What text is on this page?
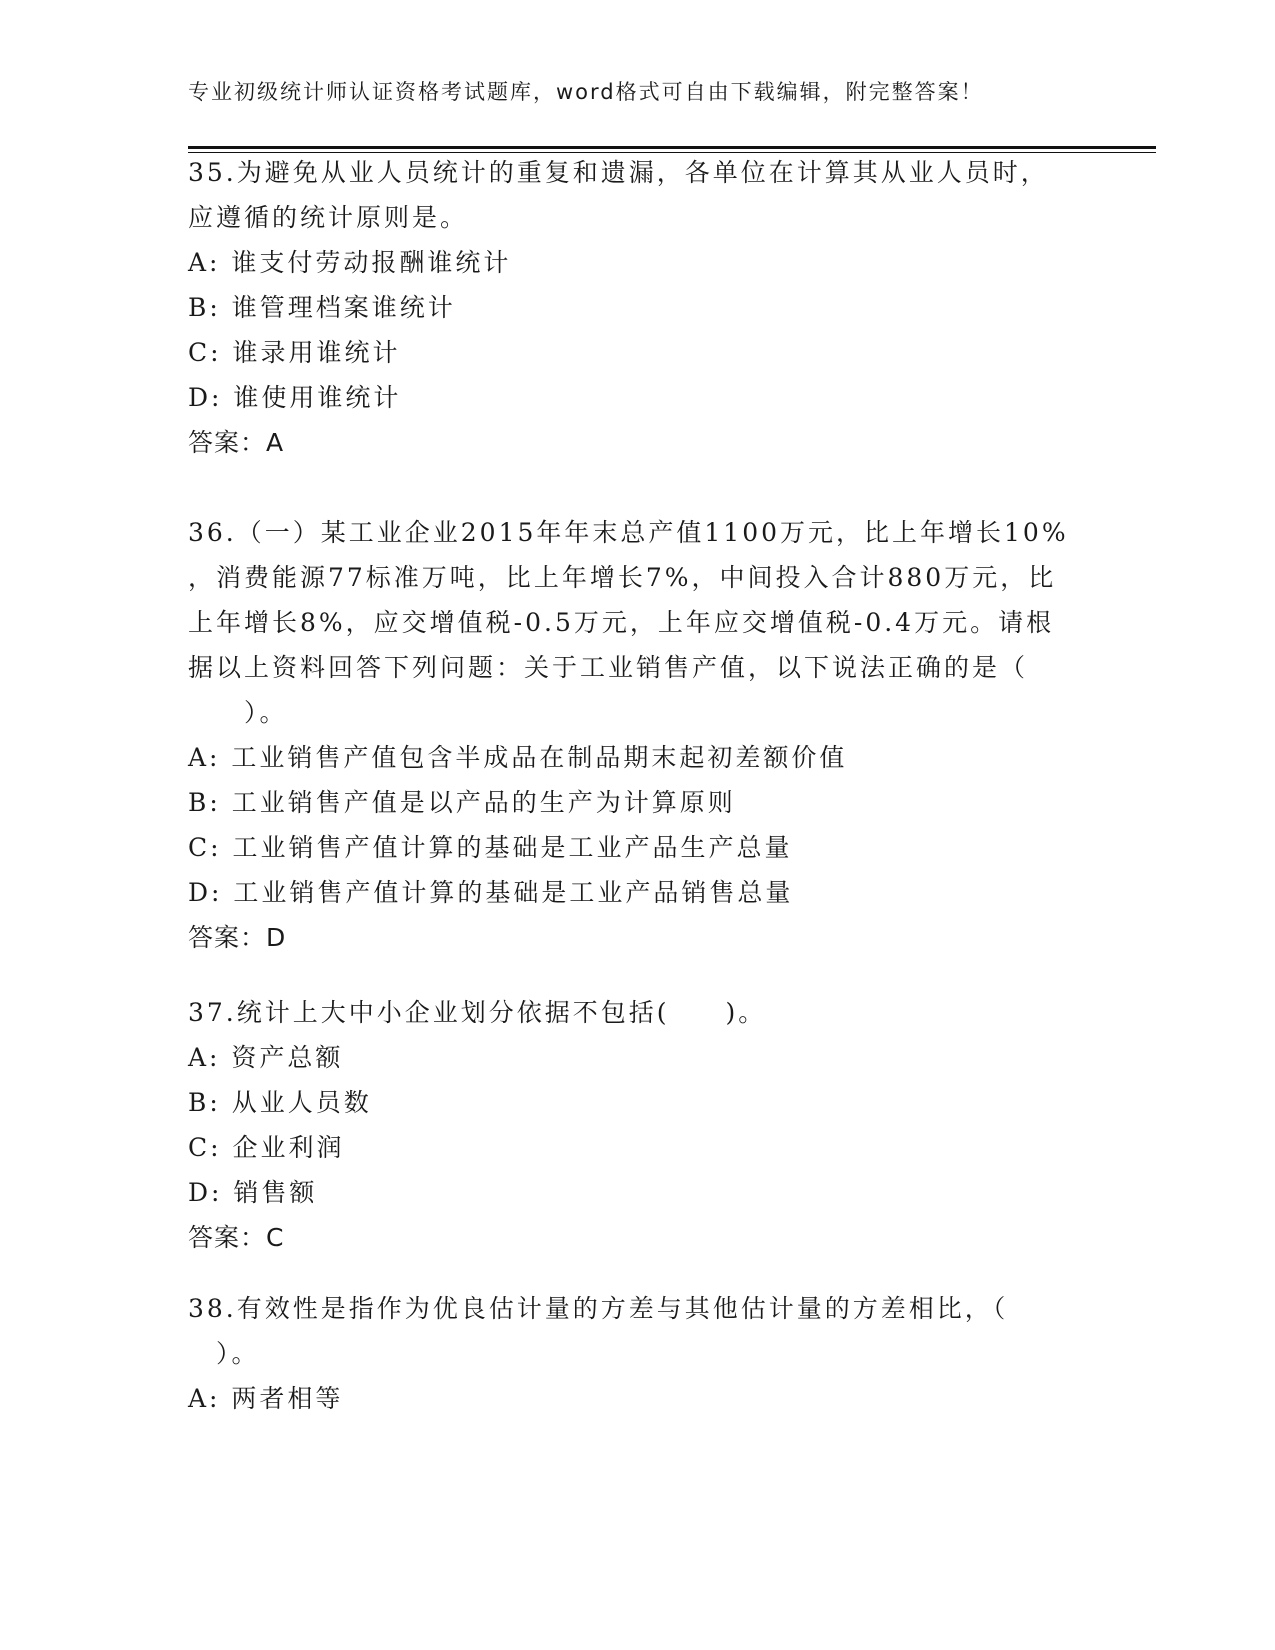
专业初级统计师认证资格考试题库，word格式可自由下载编辑，附完整答案！
35.为避免从业人员统计的重复和遗漏，各单位在计算其从业人员时，
应遵循的统计原则是。
A: 谁支付劳动报酬谁统计
B: 谁管理档案谁统计
C: 谁录用谁统计
D: 谁使用谁统计
答案：A
36.（一）某工业企业2015年年末总产值1100万元，比上年增长10%
，消费能源77标准万吨，比上年增长7%，中间投入合计880万元，比
上年增长8%，应交增值税-0.5万元，上年应交增值税-0.4万元。请根
据以上资料回答下列问题：关于工业销售产值，以下说法正确的是（
　　）。
A: 工业销售产值包含半成品在制品期末起初差额价值
B: 工业销售产值是以产品的生产为计算原则
C: 工业销售产值计算的基础是工业产品生产总量
D: 工业销售产值计算的基础是工业产品销售总量
答案：D
37.统计上大中小企业划分依据不包括(　　)。
A: 资产总额
B: 从业人员数
C: 企业利润
D: 销售额
答案：C
38.有效性是指作为优良估计量的方差与其他估计量的方差相比，（
　）。
A: 两者相等
